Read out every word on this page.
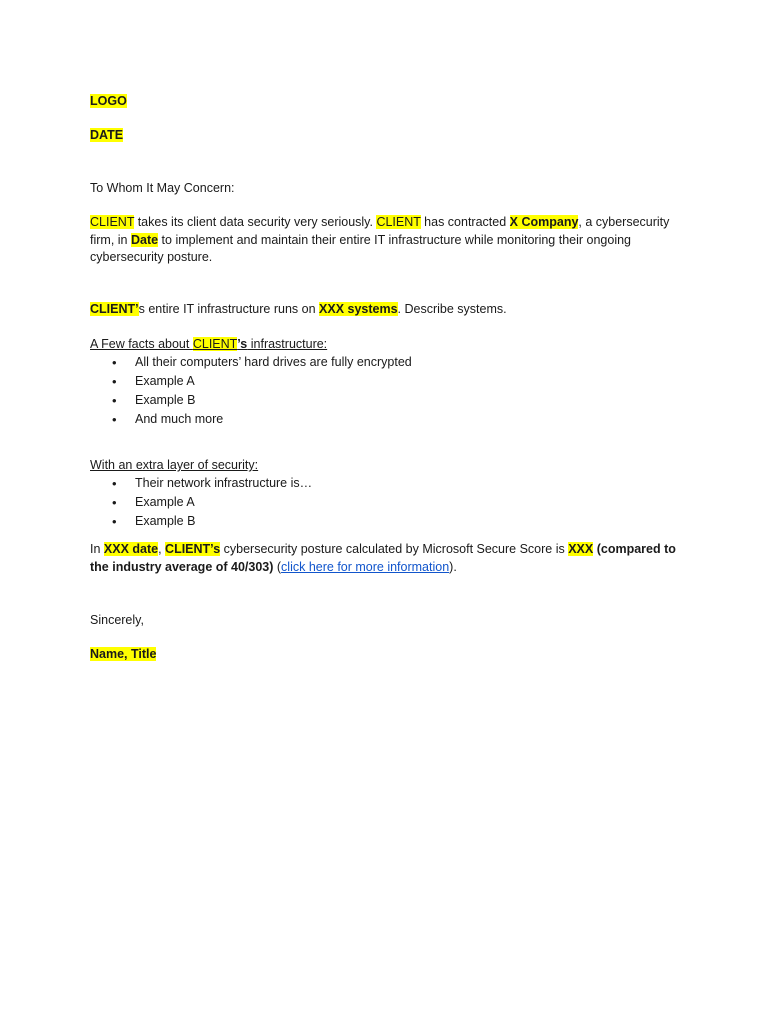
LOGO
DATE
To Whom It May Concern:
CLIENT takes its client data security very seriously. CLIENT has contracted X Company, a cybersecurity
firm, in Date to implement and maintain their entire IT infrastructure while monitoring their ongoing
cybersecurity posture.
CLIENT’s entire IT infrastructure runs on XXX systems. Describe systems.
A Few facts about CLIENT’s infrastructure:
• All their computers’ hard drives are fully encrypted
• Example A
• Example B
• And much more
With an extra layer of security:
• Their network infrastructure is…
• Example A
• Example B
In XXX date, CLIENT’s cybersecurity posture calculated by Microsoft Secure Score is XXX (compared to
the industry average of 40/303) (click here for more information).
Sincerely,
Name, Title
